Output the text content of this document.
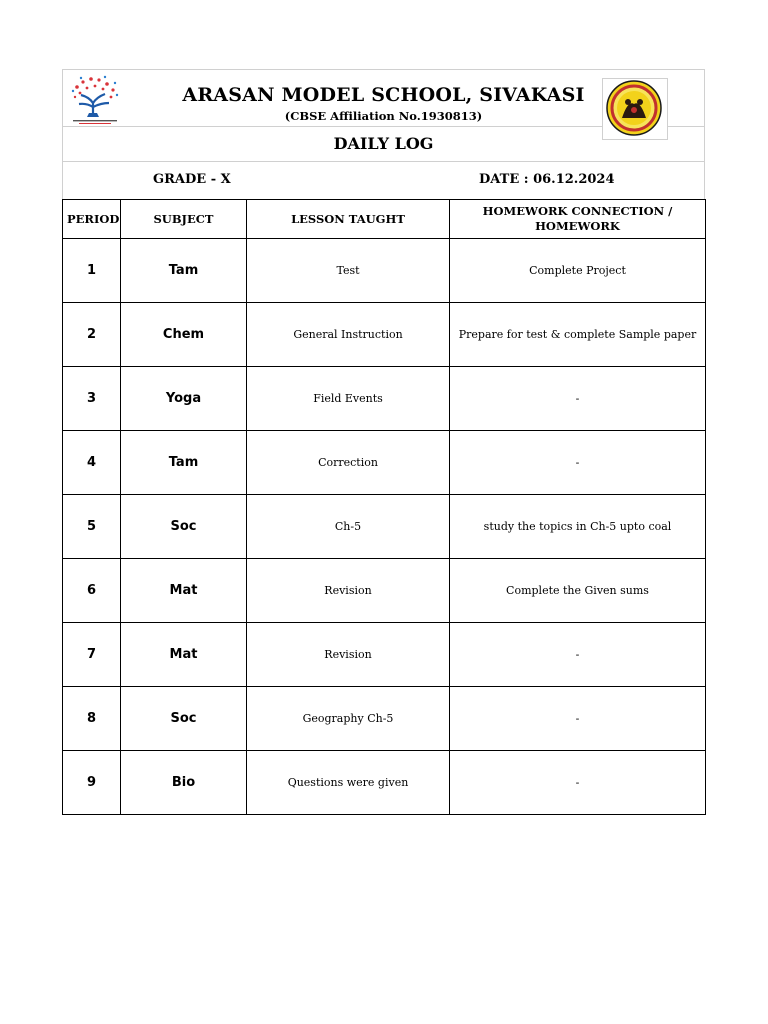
ARASAN MODEL SCHOOL, SIVAKASI
(CBSE Affiliation No.1930813)
DAILY LOG
GRADE - X	DATE : 06.12.2024
PERIOD	SUBJECT	LESSON TAUGHT	HOMEWORK CONNECTION / HOMEWORK
1	Tam	Test	Complete Project
2	Chem	General Instruction	Prepare for test & complete Sample paper
3	Yoga	Field Events	-
4	Tam	Correction	-
5	Soc	Ch-5	study the topics in Ch-5 upto coal
6	Mat	Revision	Complete the Given sums
7	Mat	Revision	-
8	Soc	Geography Ch-5	-
9	Bio	Questions were given	-
